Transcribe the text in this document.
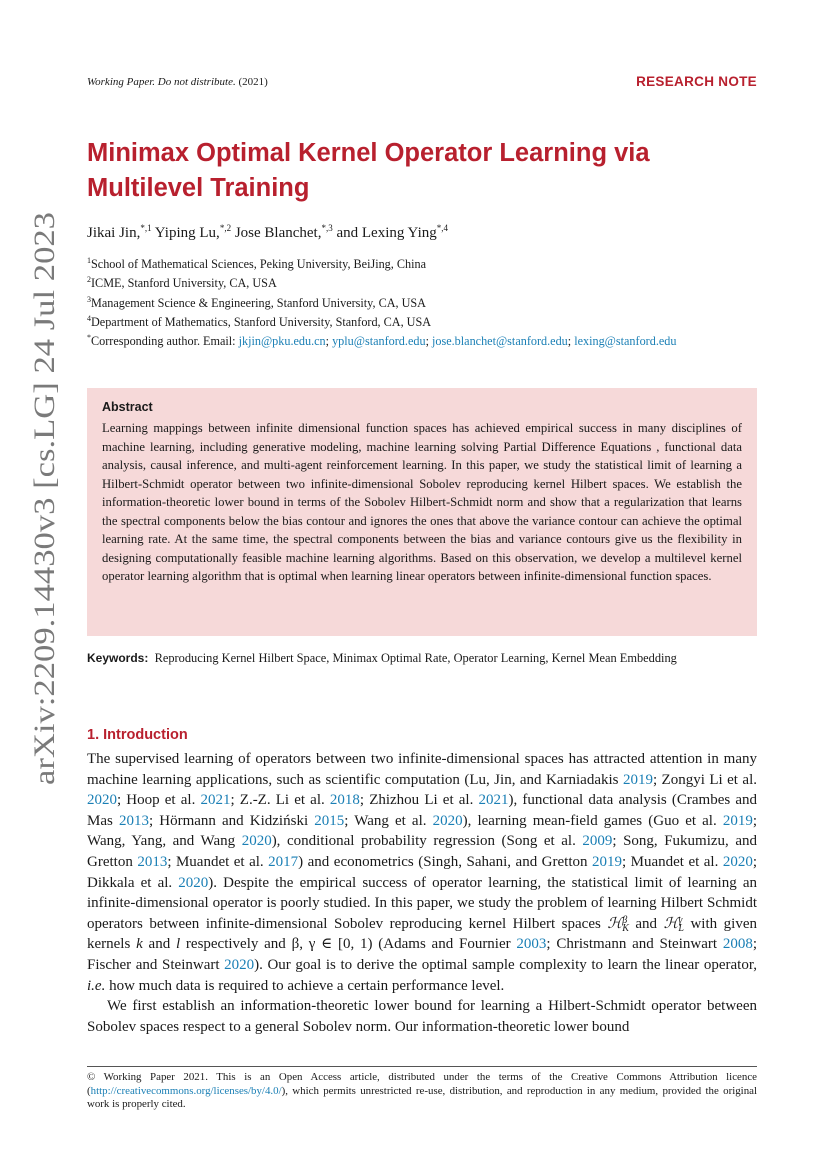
Working Paper. Do not distribute. (2021)	RESEARCH NOTE
arXiv:2209.14430v3 [cs.LG] 24 Jul 2023
Minimax Optimal Kernel Operator Learning via
Multilevel Training
Jikai Jin,$^{*,1}$ Yiping Lu,$^{*,2}$ Jose Blanchet,$^{*,3}$ and Lexing Ying$^{*,4}$
$^1$School of Mathematical Sciences, Peking University, BeiJing, China
$^2$ICME, Stanford University, CA, USA
$^3$Management Science & Engineering, Stanford University, CA, USA
$^4$Department of Mathematics, Stanford University, Stanford, CA, USA
*Corresponding author. Email: jkjin@pku.edu.cn; yplu@stanford.edu; jose.blanchet@stanford.edu; lexing@stanford.edu
Abstract
Learning mappings between infinite dimensional function spaces has achieved empirical success in many disciplines of machine learning, including generative modeling, machine learning solving Partial Difference Equations , functional data analysis, causal inference, and multi-agent reinforcement learning. In this paper, we study the statistical limit of learning a Hilbert-Schmidt operator between two infinite-dimensional Sobolev reproducing kernel Hilbert spaces. We establish the information-theoretic lower bound in terms of the Sobolev Hilbert-Schmidt norm and show that a regularization that learns the spectral components below the bias contour and ignores the ones that above the variance contour can achieve the optimal learning rate. At the same time, the spectral components between the bias and variance contours give us the flexibility in designing computationally feasible machine learning algorithms. Based on this observation, we develop a multilevel kernel operator learning algorithm that is optimal when learning linear operators between infinite-dimensional function spaces.
Keywords: Reproducing Kernel Hilbert Space, Minimax Optimal Rate, Operator Learning, Kernel Mean Embedding
1. Introduction

The supervised learning of operators between two infinite-dimensional spaces has attracted attention in many machine learning applications, such as scientific computation (Lu, Jin, and Karniadakis 2019; Zongyi Li et al. 2020; Hoop et al. 2021; Z.-Z. Li et al. 2018; Zhizhou Li et al. 2021), functional data analysis (Crambes and Mas 2013; Hörmann and Kidziński 2015; Wang et al. 2020), learning mean-field games (Guo et al. 2019; Wang, Yang, and Wang 2020), conditional probability regression (Song et al. 2009; Song, Fukumizu, and Gretton 2013; Muandet et al. 2017) and econometrics (Singh, Sahani, and Gretton 2019; Muandet et al. 2020; Dikkala et al. 2020). Despite the empirical success of operator learning, the statistical limit of learning an infinite-dimensional operator is poorly studied. In this paper, we study the problem of learning Hilbert Schmidt operators between infinite-dimensional Sobolev reproducing kernel Hilbert spaces ℋ β
K and ℋ γ
L with given kernels k and l respectively and β, γ ∈ [0, 1) (Adams and Fournier 2003; Christmann and Steinwart 2008; Fischer and Steinwart 2020). Our goal is to derive the optimal sample complexity to learn the linear operator, i.e. how much data is required to achieve a certain performance level.

We first establish an information-theoretic lower bound for learning a Hilbert-Schmidt operator between Sobolev spaces respect to a general Sobolev norm. Our information-theoretic lower bound

© Working Paper 2021. This is an Open Access article, distributed under the terms of the Creative Commons Attribution licence (http://creativecommons.org/licenses/by/4.0/), which permits unrestricted re-use, distribution, and reproduction in any medium, provided the original work is properly cited.
